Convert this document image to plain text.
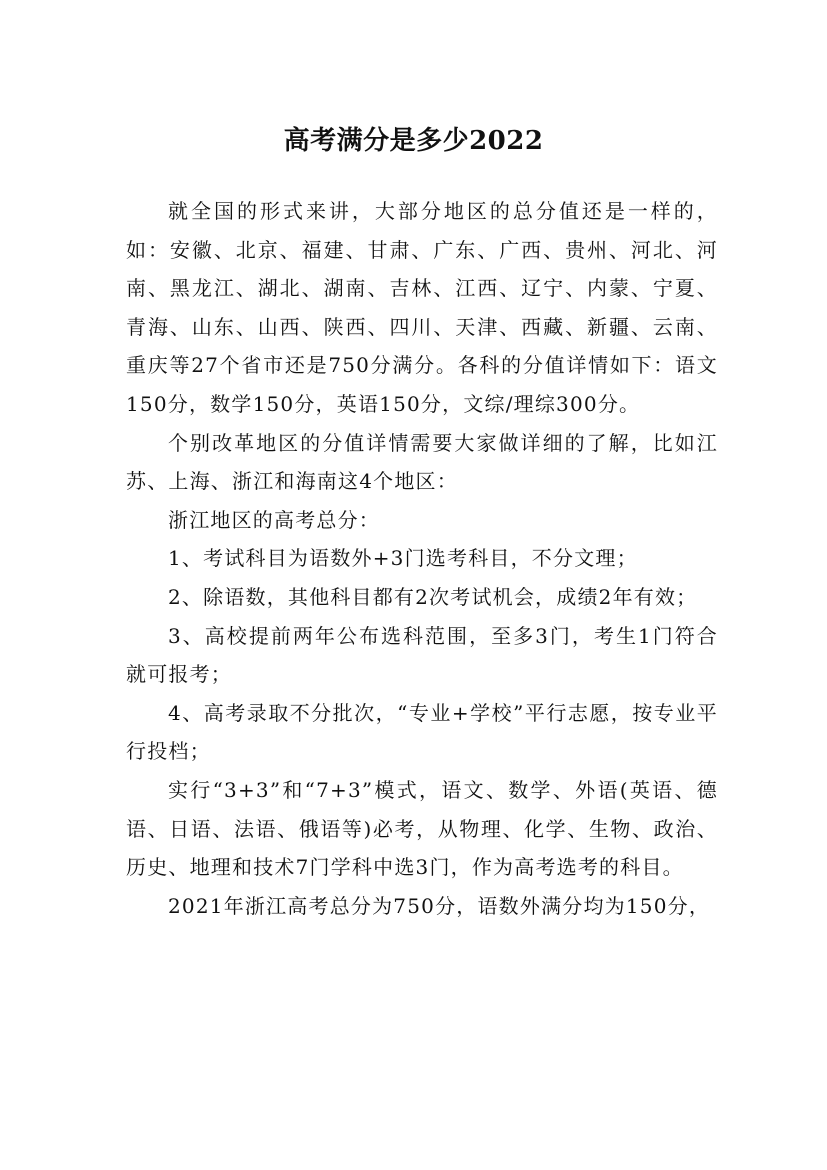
高考满分是多少2022

就全国的形式来讲，大部分地区的总分值还是一样的，如：安徽、北京、福建、甘肃、广东、广西、贵州、河北、河南、黑龙江、湖北、湖南、吉林、江西、辽宁、内蒙、宁夏、青海、山东、山西、陕西、四川、天津、西藏、新疆、云南、重庆等27个省市还是750分满分。各科的分值详情如下：语文150分，数学150分，英语150分，文综/理综300分。

个别改革地区的分值详情需要大家做详细的了解，比如江苏、上海、浙江和海南这4个地区：

浙江地区的高考总分：

1、考试科目为语数外+3门选考科目，不分文理；

2、除语数，其他科目都有2次考试机会，成绩2年有效；

3、高校提前两年公布选科范围，至多3门，考生1门符合就可报考；

4、高考录取不分批次，“专业+学校”平行志愿，按专业平行投档；

实行“3+3”和“7+3”模式，语文、数学、外语(英语、德语、日语、法语、俄语等)必考，从物理、化学、生物、政治、历史、地理和技术7门学科中选3门，作为高考选考的科目。

2021年浙江高考总分为750分，语数外满分均为150分，
